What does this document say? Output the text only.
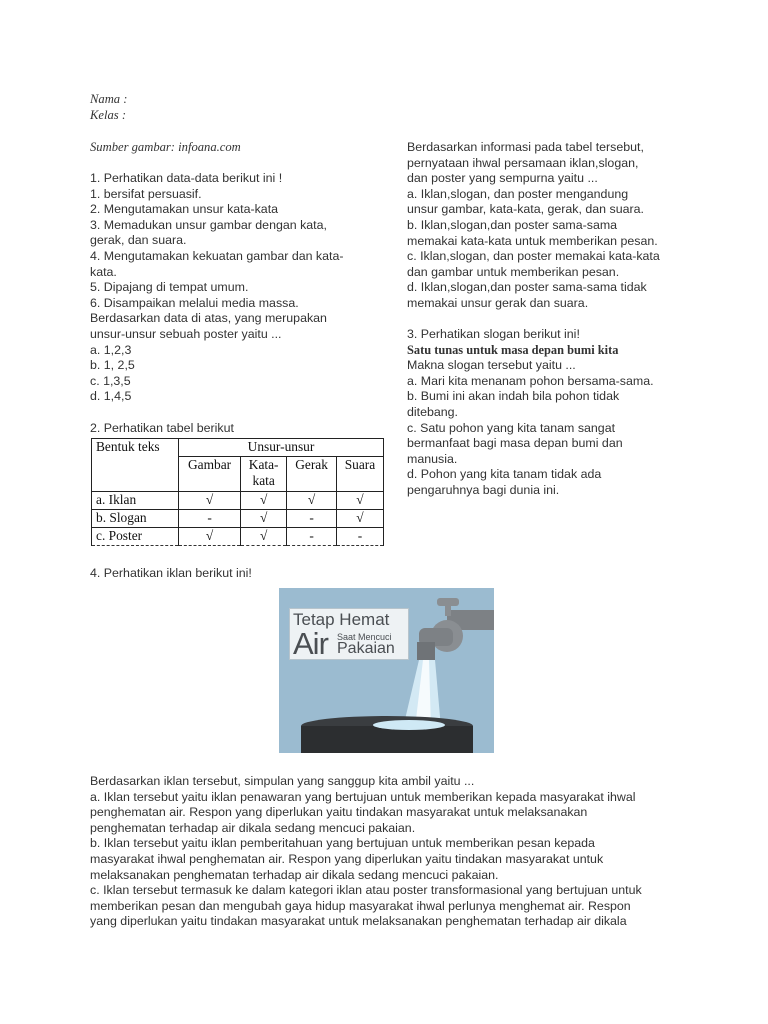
Nama :
Kelas :
Sumber gambar: infoana.com
1. Perhatikan data-data berikut ini !
1. bersifat persuasif.
2. Mengutamakan unsur kata-kata
3. Memadukan unsur gambar dengan kata,
gerak, dan suara.
4. Mengutamakan kekuatan gambar dan kata-
kata.
5. Dipajang di tempat umum.
6. Disampaikan melalui media massa.
Berdasarkan data di atas, yang merupakan
unsur-unsur sebuah poster yaitu ...
a. 1,2,3
b. 1, 2,5
c. 1,3,5
d. 1,4,5
2. Perhatikan tabel berikut
Bentuk teks	Unsur-unsur			
	Gambar	Kata-
kata	Gerak	Suara
a. Iklan	√	√	√	√
b. Slogan	-	√	-	√
c. Poster	√	√	-	-
Berdasarkan informasi pada tabel tersebut,
pernyataan ihwal persamaan iklan,slogan,
dan poster yang sempurna yaitu ...
a. Iklan,slogan, dan poster mengandung
unsur gambar, kata-kata, gerak, dan suara.
b. Iklan,slogan,dan poster sama-sama
memakai kata-kata untuk memberikan pesan.
c. Iklan,slogan, dan poster memakai kata-kata
dan gambar untuk memberikan pesan.
d. Iklan,slogan,dan poster sama-sama tidak
memakai unsur gerak dan suara.
3. Perhatikan slogan berikut ini!
Satu tunas untuk masa depan bumi kita
Makna slogan tersebut yaitu ...
a. Mari kita menanam pohon bersama-sama.
b. Bumi ini akan indah bila pohon tidak
ditebang.
c. Satu pohon yang kita tanam sangat
bermanfaat bagi masa depan bumi dan
manusia.
d. Pohon yang kita tanam tidak ada
pengaruhnya bagi dunia ini.
4. Perhatikan iklan berikut ini!
Tetap Hemat
Air Saat Mencuci
Pakaian
Berdasarkan iklan tersebut, simpulan yang sanggup kita ambil yaitu ...
a. Iklan tersebut yaitu iklan penawaran yang bertujuan untuk memberikan kepada masyarakat ihwal
penghematan air. Respon yang diperlukan yaitu tindakan masyarakat untuk melaksanakan
penghematan terhadap air dikala sedang mencuci pakaian.
b. Iklan tersebut yaitu iklan pemberitahuan yang bertujuan untuk memberikan pesan kepada
masyarakat ihwal penghematan air. Respon yang diperlukan yaitu tindakan masyarakat untuk
melaksanakan penghematan terhadap air dikala sedang mencuci pakaian.
c. Iklan tersebut termasuk ke dalam kategori iklan atau poster transformasional yang bertujuan untuk
memberikan pesan dan mengubah gaya hidup masyarakat ihwal perlunya menghemat air. Respon
yang diperlukan yaitu tindakan masyarakat untuk melaksanakan penghematan terhadap air dikala
